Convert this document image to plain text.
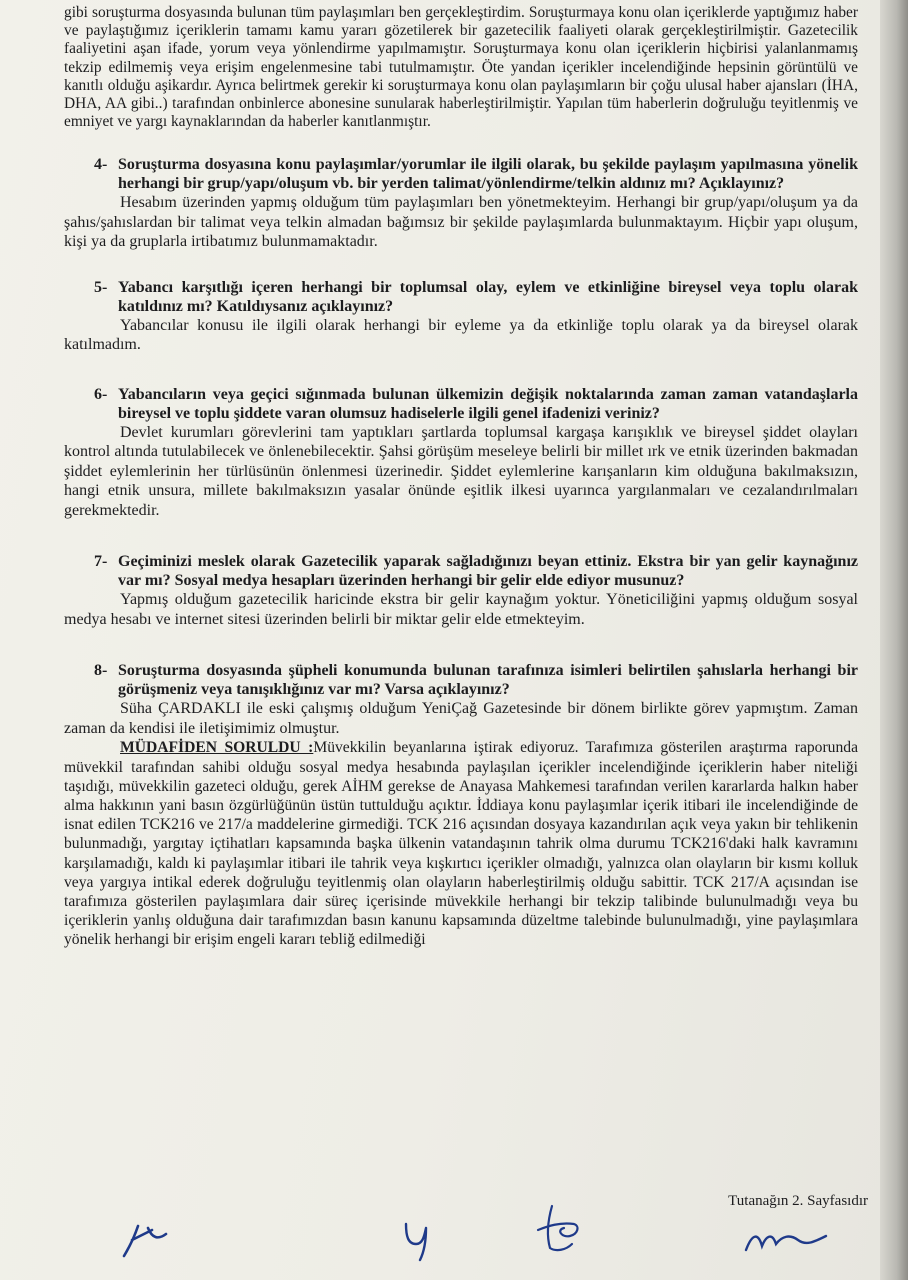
gibi soruşturma dosyasında bulunan tüm paylaşımları ben gerçekleştirdim. Soruşturmaya konu olan içeriklerde yaptığımız haber ve paylaştığımız içeriklerin tamamı kamu yararı gözetilerek bir gazetecilik faaliyeti olarak gerçekleştirilmiştir. Gazetecilik faaliyetini aşan ifade, yorum veya yönlendirme yapılmamıştır. Soruşturmaya konu olan içeriklerin hiçbirisi yalanlanmamış tekzip edilmemiş veya erişim engelenmesine tabi tutulmamıştır. Öte yandan içerikler incelendiğinde hepsinin görüntülü ve kanıtlı olduğu aşikardır. Ayrıca belirtmek gerekir ki soruşturmaya konu olan paylaşımların bir çoğu ulusal haber ajansları (İHA, DHA, AA gibi..) tarafından onbinlerce abonesine sunularak haberleştirilmiştir. Yapılan tüm haberlerin doğruluğu teyitlenmiş ve emniyet ve yargı kaynaklarından da haberler kanıtlanmıştır.

4- Soruşturma dosyasına konu paylaşımlar/yorumlar ile ilgili olarak, bu şekilde paylaşım yapılmasına yönelik herhangi bir grup/yapı/oluşum vb. bir yerden talimat/yönlendirme/telkin aldınız mı? Açıklayınız?

Hesabım üzerinden yapmış olduğum tüm paylaşımları ben yönetmekteyim. Herhangi bir grup/yapı/oluşum ya da şahıs/şahıslardan bir talimat veya telkin almadan bağımsız bir şekilde paylaşımlarda bulunmaktayım. Hiçbir yapı oluşum, kişi ya da gruplarla irtibatımız bulunmamaktadır.

5- Yabancı karşıtlığı içeren herhangi bir toplumsal olay, eylem ve etkinliğine bireysel veya toplu olarak katıldınız mı? Katıldıysanız açıklayınız?

Yabancılar konusu ile ilgili olarak herhangi bir eyleme ya da etkinliğe toplu olarak ya da bireysel olarak katılmadım.

6- Yabancıların veya geçici sığınmada bulunan ülkemizin değişik noktalarında zaman zaman vatandaşlarla bireysel ve toplu şiddete varan olumsuz hadiselerle ilgili genel ifadenizi veriniz?

Devlet kurumları görevlerini tam yaptıkları şartlarda toplumsal kargaşa karışıklık ve bireysel şiddet olayları kontrol altında tutulabilecek ve önlenebilecektir. Şahsi görüşüm meseleye belirli bir millet ırk ve etnik üzerinden bakmadan şiddet eylemlerinin her türlüsünün önlenmesi üzerinedir. Şiddet eylemlerine karışanların kim olduğuna bakılmaksızın, hangi etnik unsura, millete bakılmaksızın yasalar önünde eşitlik ilkesi uyarınca yargılanmaları ve cezalandırılmaları gerekmektedir.

7- Geçiminizi meslek olarak Gazetecilik yaparak sağladığınızı beyan ettiniz. Ekstra bir yan gelir kaynağınız var mı? Sosyal medya hesapları üzerinden herhangi bir gelir elde ediyor musunuz?

Yapmış olduğum gazetecilik haricinde ekstra bir gelir kaynağım yoktur. Yöneticiliğini yapmış olduğum sosyal medya hesabı ve internet sitesi üzerinden belirli bir miktar gelir elde etmekteyim.

8- Soruşturma dosyasında şüpheli konumunda bulunan tarafınıza isimleri belirtilen şahıslarla herhangi bir görüşmeniz veya tanışıklığınız var mı? Varsa açıklayınız?

Süha ÇARDAKLI ile eski çalışmış olduğum YeniÇağ Gazetesinde bir dönem birlikte görev yapmıştım. Zaman zaman da kendisi ile iletişimimiz olmuştur.

MÜDAFİDEN SORULDU :Müvekkilin beyanlarına iştirak ediyoruz. Tarafımıza gösterilen araştırma raporunda müvekkil tarafından sahibi olduğu sosyal medya hesabında paylaşılan içerikler incelendiğinde içeriklerin haber niteliği taşıdığı, müvekkilin gazeteci olduğu, gerek AİHM gerekse de Anayasa Mahkemesi tarafından verilen kararlarda halkın haber alma hakkının yani basın özgürlüğünün üstün tuttulduğu açıktır. İddiaya konu paylaşımlar içerik itibari ile incelendiğinde de isnat edilen TCK216 ve 217/a maddelerine girmediği. TCK 216 açısından dosyaya kazandırılan açık veya yakın bir tehlikenin bulunmadığı, yargıtay içtihatları kapsamında başka ülkenin vatandaşının tahrik olma durumu TCK216'daki halk kavramını karşılamadığı, kaldı ki paylaşımlar itibari ile tahrik veya kışkırtıcı içerikler olmadığı, yalnızca olan olayların bir kısmı kolluk veya yargıya intikal ederek doğruluğu teyitlenmiş olan olayların haberleştirilmiş olduğu sabittir. TCK 217/A açısından ise tarafımıza gösterilen paylaşımlara dair süreç içerisinde müvekkile herhangi bir tekzip talibinde bulunulmadığı veya bu içeriklerin yanlış olduğuna dair tarafımızdan basın kanunu kapsamında düzeltme talebinde bulunulmadığı, yine paylaşımlara yönelik herhangi bir erişim engeli kararı tebliğ edilmediği

Tutanağın 2. Sayfasıdır
